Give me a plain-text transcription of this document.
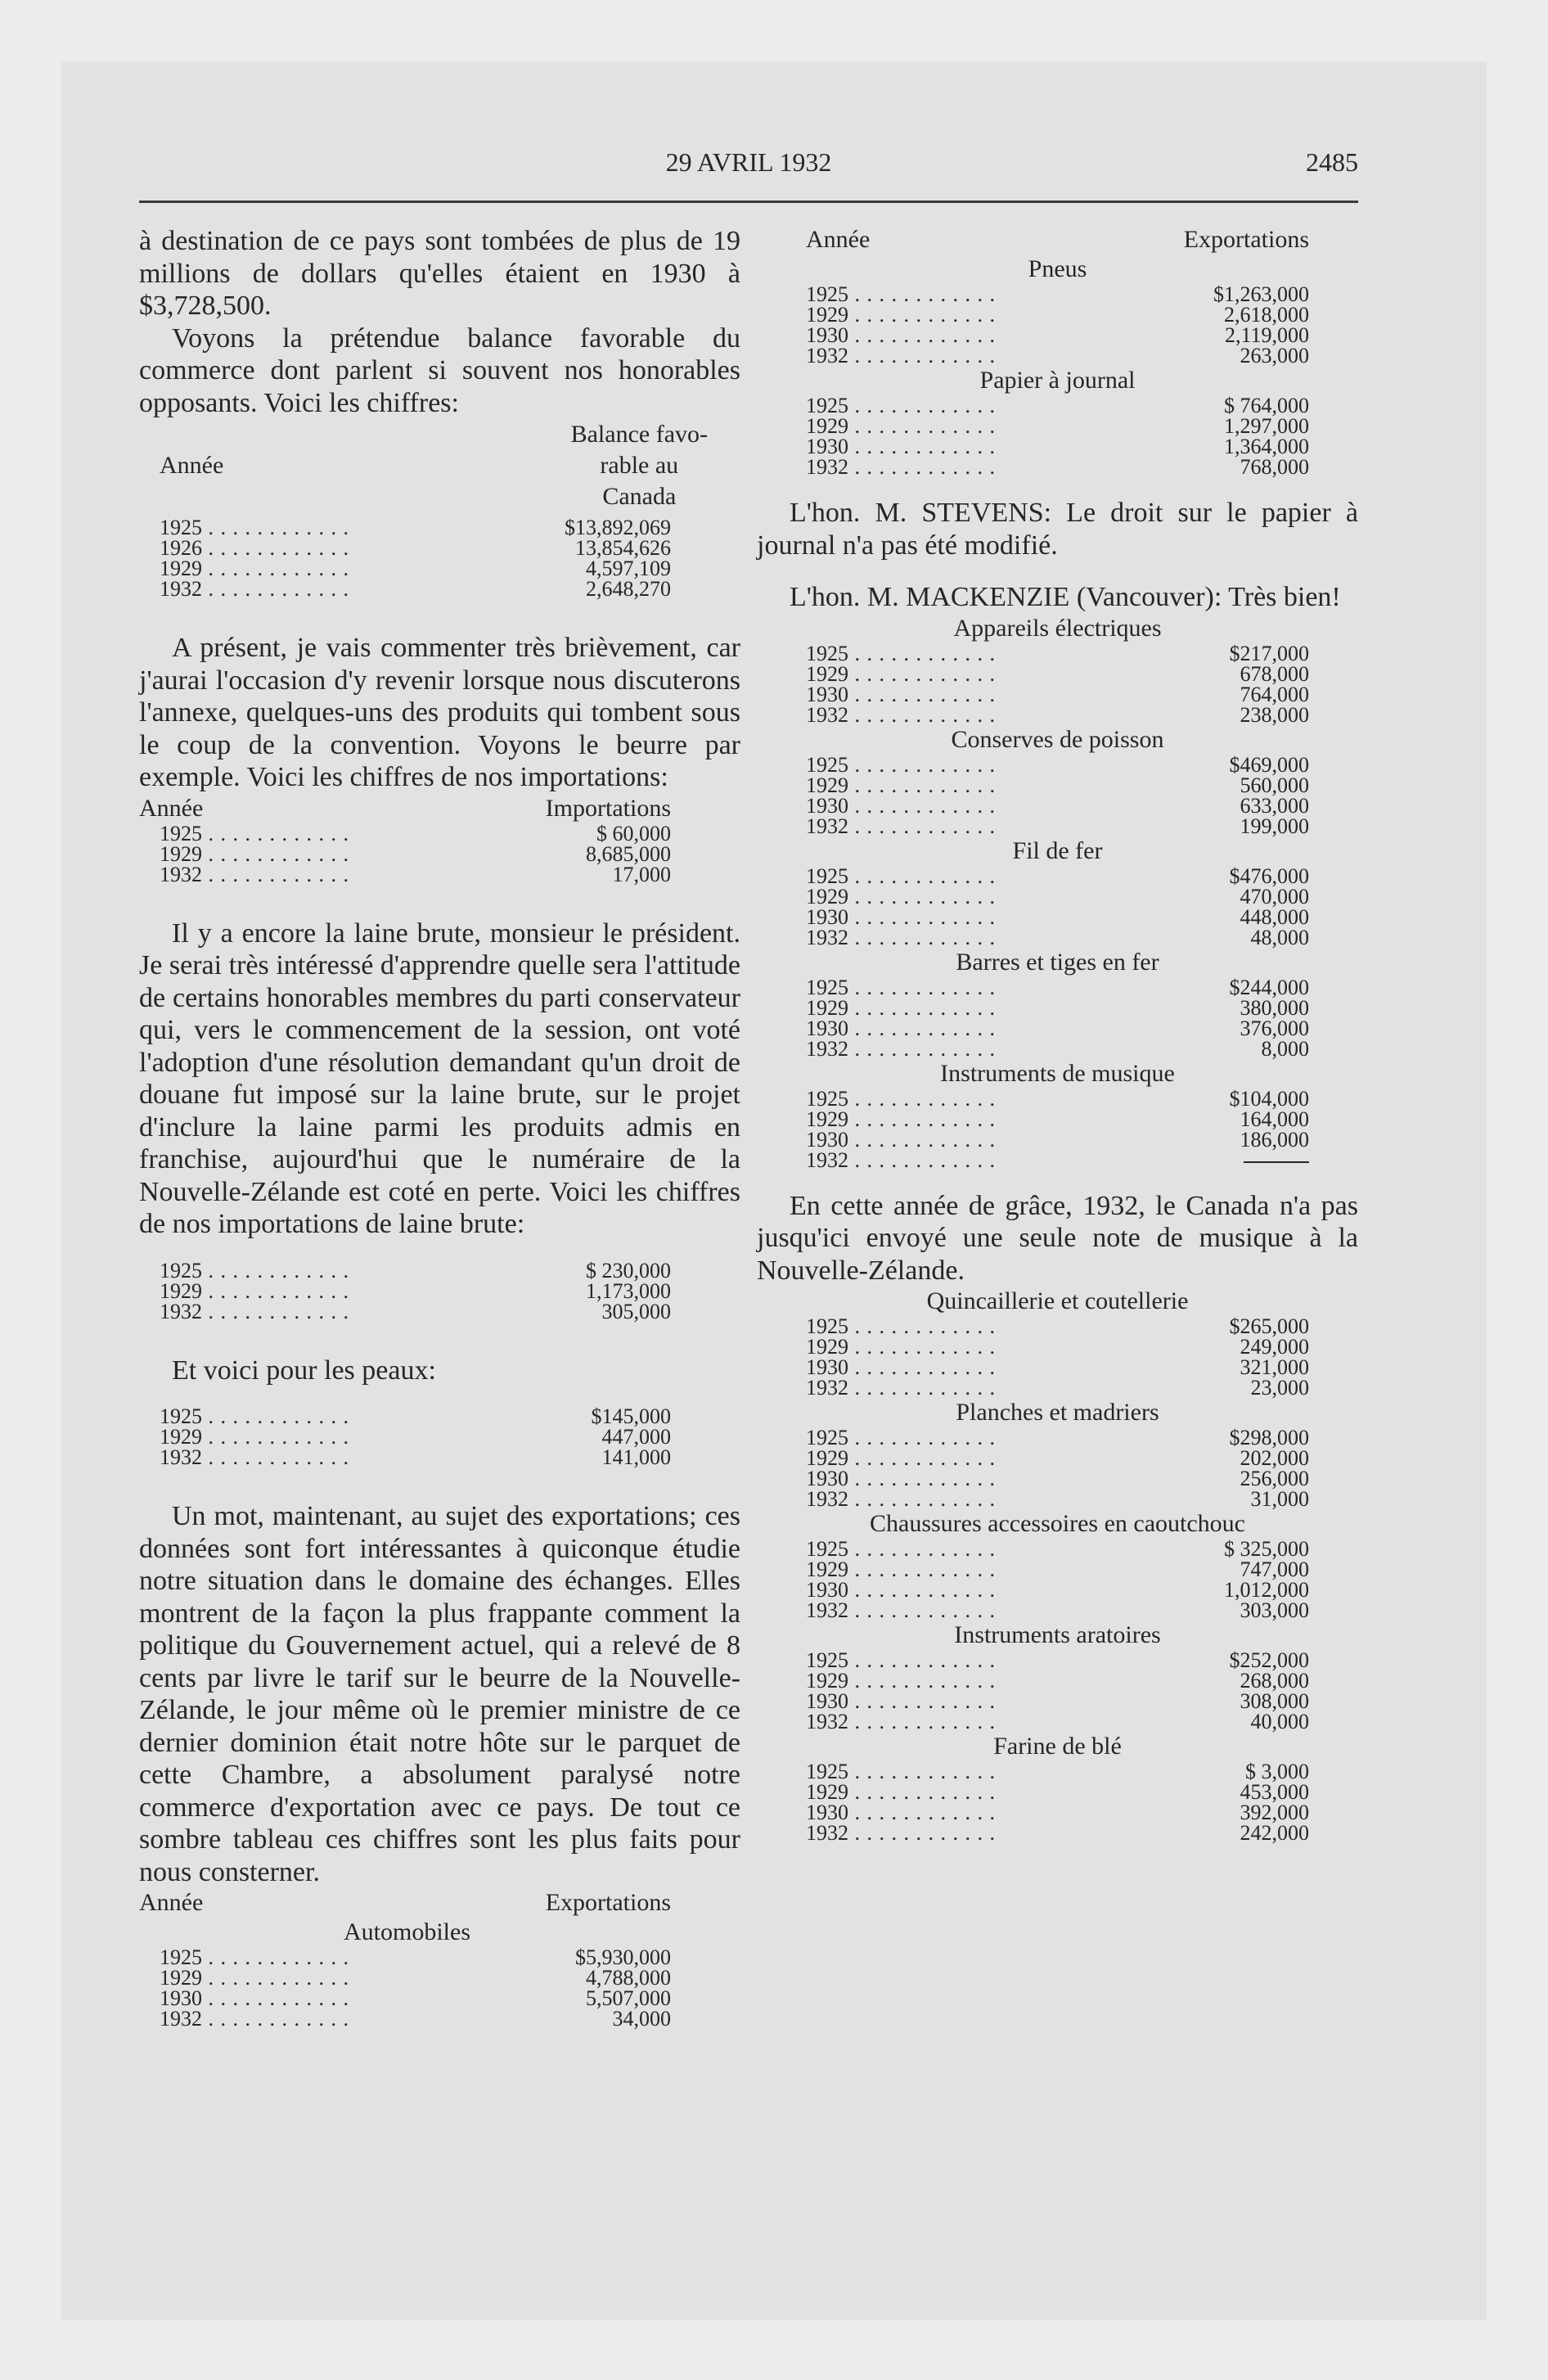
29 AVRIL 1932	2485

à destination de ce pays sont tombées de plus de 19 millions de dollars qu'elles étaient en 1930 à $3,728,500.

Voyons la prétendue balance favorable du commerce dont parlent si souvent nos honorables opposants. Voici les chiffres:

Année
Balance favo-
rable au
Canada
1925 . . .	$13,892,069
1926 . . .	13,854,626
1929 . . .	4,597,109
1932 . . .	2,648,270

A présent, je vais commenter très brièvement, car j'aurai l'occasion d'y revenir lorsque nous discuterons l'annexe, quelques-uns des produits qui tombent sous le coup de la convention. Voyons le beurre par exemple. Voici les chiffres de nos importations:

Année	Importations
1925 . . .	$ 60,000
1929 . . .	8,685,000
1932 . . .	17,000

Il y a encore la laine brute, monsieur le président. Je serai très intéressé d'apprendre quelle sera l'attitude de certains honorables membres du parti conservateur qui, vers le commencement de la session, ont voté l'adoption d'une résolution demandant qu'un droit de douane fut imposé sur la laine brute, sur le projet d'inclure la laine parmi les produits admis en franchise, aujourd'hui que le numéraire de la Nouvelle-Zélande est coté en perte. Voici les chiffres de nos importations de laine brute:

1925 . . .	$ 230,000
1929 . . .	1,173,000
1932 . . .	305,000

Et voici pour les peaux:

1925 . . .	$145,000
1929 . . .	447,000
1932 . . .	141,000

Un mot, maintenant, au sujet des exportations; ces données sont fort intéressantes à quiconque étudie notre situation dans le domaine des échanges. Elles montrent de la façon la plus frappante comment la politique du Gouvernement actuel, qui a relevé de 8 cents par livre le tarif sur le beurre de la Nouvelle-Zélande, le jour même où le premier ministre de ce dernier dominion était notre hôte sur le parquet de cette Chambre, a absolument paralysé notre commerce d'exportation avec ce pays. De tout ce sombre tableau ces chiffres sont les plus faits pour nous consterner.

Année	Exportations
Automobiles
1925 . . .	$5,930,000
1929 . . .	4,788,000
1930 . . .	5,507,000
1932 . . .	34,000
Année	Exportations
Pneus
1925 . . .	$1,263,000
1929 . . .	2,618,000
1930 . . .	2,119,000
1932 . . .	263,000
Papier à journal
1925 . . .	$ 764,000
1929 . . .	1,297,000
1930 . . .	1,364,000
1932 . . .	768,000

L'hon. M. STEVENS: Le droit sur le papier à journal n'a pas été modifié.

L'hon. M. MACKENZIE (Vancouver): Très bien!

Appareils électriques
1925 . . .	$217,000
1929 . . .	678,000
1930 . . .	764,000
1932 . . .	238,000
Conserves de poisson
1925 . . .	$469,000
1929 . . .	560,000
1930 . . .	633,000
1932 . . .	199,000
Fil de fer
1925 . . .	$476,000
1929 . . .	470,000
1930 . . .	448,000
1932 . . .	48,000
Barres et tiges en fer
1925 . . .	$244,000
1929 . . .	380,000
1930 . . .	376,000
1932 . . .	8,000
Instruments de musique
1925 . . .	$104,000
1929 . . .	164,000
1930 . . .	186,000
1932 . . .

En cette année de grâce, 1932, le Canada n'a pas jusqu'ici envoyé une seule note de musique à la Nouvelle-Zélande.

Quincaillerie et coutellerie
1925 . . .	$265,000
1929 . . .	249,000
1930 . . .	321,000
1932 . . .	23,000
Planches et madriers
1925 . . .	$298,000
1929 . . .	202,000
1930 . . .	256,000
1932 . . .	31,000
Chaussures accessoires en caoutchouc
1925 . . .	$ 325,000
1929 . . .	747,000
1930 . . .	1,012,000
1932 . . .	303,000
Instruments aratoires
1925 . . .	$252,000
1929 . . .	268,000
1930 . . .	308,000
1932 . . .	40,000
Farine de blé
1925 . . .	$ 3,000
1929 . . .	453,000
1930 . . .	392,000
1932 . . .	242,000
